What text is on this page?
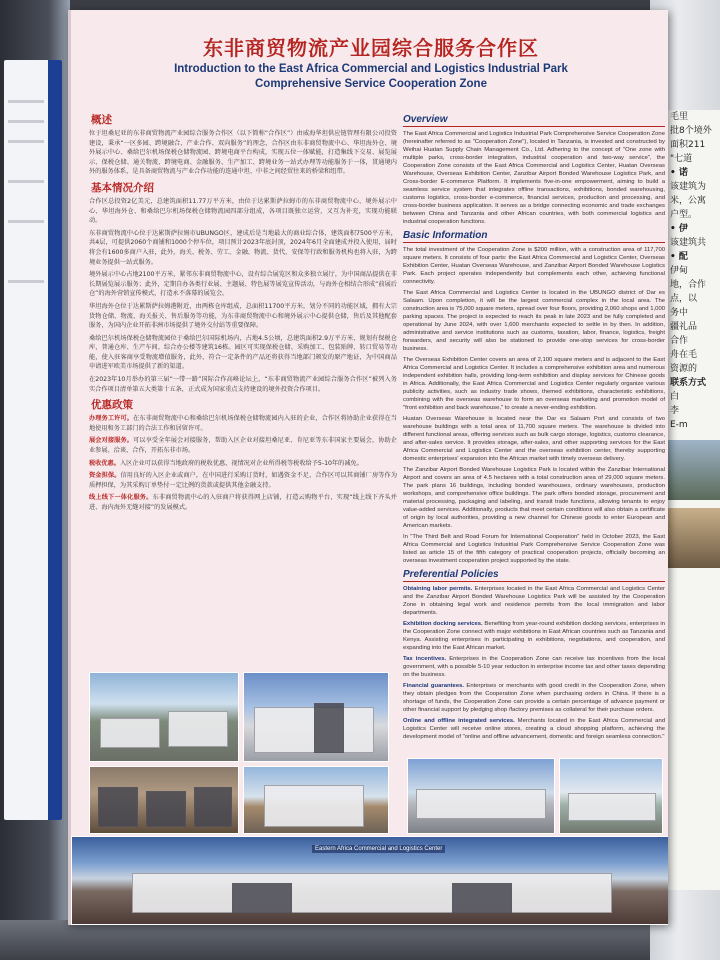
毛里
批8个境外
面积211
"七道
• 诺
该建筑为
米，公寓
户型。
• 伊
该建筑共
• 配
伊甸
地，合作
点，以
务中
疆礼品
合作
舟在毛
资源的
联系方式
白
李
E-m
东非商贸物流产业园综合服务合作区
Introduction to the East Africa Commercial and Logistics Industrial Park
Comprehensive Service Cooperation Zone
概述

位于坦桑尼亚的东非商贸物流产业园综合服务合作区（以下简称“合作区”）由威海华坦供应链管理有限公司投资建设，秉承“一区多园、跨境融合、产业合作、双向服务”的理念，合作区由东非商贸物流中心、华坦海外仓、境外展示中心、桑给巴尔机场保税仓储物流园、跨境电商平台构成，实现五位一体赋能，打造集线下交易、展览展示、保税仓储、通关物流、跨境电商、金融服务、生产加工、跨境业务一站式办理等功能服务于一体，贯通境内外的服务体系，是具备商贸物流与产业合作功能的连通中坦、中非之间经贸往来的桥梁和纽带。

基本情况介绍

合作区总投资2亿美元，总建筑面积11.77万平方米，由位于达累斯萨拉姆市的东非商贸物流中心、境外展示中心、华坦海外仓、和桑给巴尔机场保税仓储物流园四部分组成，各项目既独立运营，又互为补充，实现功能联动。

东非商贸物流中心位于达累斯萨拉姆市UBUNGO区，建成后是当地最大的商业综合体，建筑面积7500平方米，共4层，可提供2060个商铺和1000个停车位，项目预计2023年底封顶，2024年6月全面建成并投入使用，届时将会有1600多商户入驻，此外，海关、税务、劳工、金融、物流、货代、安保等行政和服务机构也将入驻，为跨境业务提供一站式服务。

境外展示中心占地2100平方米，紧邻东非商贸物流中心，设有综合展览区和众多独立展厅，为中国商品提供在非长期展览展示服务；此外，定期自办各类行业展、主题展、特色展等展览宣传活动，与海外仓相结合形成“前展后仓”的海外营销宣传模式，打造永不落幕的展览会。

华坦海外仓位于达累斯萨拉姆港附近，由两栋仓库组成，总面积11700平方米，划分不同的功能区域，拥有大宗货物仓储、物流、海关报关、售后服务等功能，为东非商贸物流中心和境外展示中心提供仓储，售后及其他配套服务，为国内企业开拓非洲市场提供了境外交付站等重要保障。

桑给巴尔机场保税仓储物流园位于桑给巴尔国际机场内，占地4.5公顷，总建筑面积2.9万平方米，规划有保税仓库、普通仓库、生产车间、综合办公楼等建筑16栋。园区可实现保税仓储、采购加工、包装贴牌、转口贸易等功能，使入驻客商享受物流增值服务，此外，符合一定条件的产品还将获得当地部门颁发的原产地证，为中国商品申请进军欧美市场提供了新的渠道。

在2023年10月举办的第三届“一带一路”国际合作高峰论坛上，“东非商贸物流产业园综合服务合作区”被列入务实合作项目清单第五大类第十五条，正式成为国家重点支持建设的境外投资合作项目。

优惠政策

办理务工许可。在东非商贸物流中心和桑给巴尔机场保税仓储物流园内入驻的企业，合作区将协助企业获得在当地使用和务工部门的合法工作和居留许可。

展会对接服务。可以享受全年展会对接服务，帮助入区企业对接坦桑尼亚、肯尼亚等东非国家主要展会，协助企业参展、洽谈、合作，开拓东非市场。

税收优惠。入区企业可以获得当地政府的税收优惠，视情况对企业所得税等税收给予5-10年的减免。

资金担保。信用良好的入区企业或商户，在中国进行采购订货时，如遇资金不足，合作区可以其商铺厂房等作为质押担保，为其采购订单垫付一定比例的货款或提供其他金融支持。

线上线下一体化服务。东非商贸物流中心的入驻商户将获得网上店铺，打造云购物平台，实现“线上线下齐头并进、海内海外无缝对接”的发展模式。

Overview

The East Africa Commercial and Logistics Industrial Park Comprehensive Service Cooperation Zone (hereinafter referred to as "Cooperation Zone"), located in Tanzania, is invested and constructed by Weihai Huatan Supply Chain Management Co., Ltd. Adhering to the concept of "One zone with multiple parks, cross-border integration, industrial cooperation and two-way service", the Cooperation Zone consists of the East Africa Commercial and Logistics Center, Huatan Overseas Warehouse, Overseas Exhibition Center, Zanzibar Airport Bonded Warehouse Logistics Park, and Cross-border E-commerce Platform. It implements five-in-one empowerment, aiming to build a seamless service system that integrates offline transactions, exhibitions, bonded warehousing, customs logistics, cross-border e-commerce, financial services, production and processing, and cross-border business application. It serves as a bridge connecting economic and trade exchanges between China and Tanzania and other African countries, with both commercial logistics and industrial cooperation functions.

Basic Information

The total investment of the Cooperation Zone is $200 million, with a construction area of 117,700 square meters. It consists of four parts: the East Africa Commercial and Logistics Center, Overseas Exhibition Center, Huatan Overseas Warehouse, and Zanzibar Airport Bonded Warehouse Logistics Park. Each project operates independently but complements each other, achieving functional connectivity.

The East Africa Commercial and Logistics Center is located in the UBUNGO district of Dar es Salaam. Upon completion, it will be the largest commercial complex in the local area. The construction area is 75,000 square meters, spread over four floors, providing 2,060 shops and 1,000 parking spaces. The project is expected to reach its peak in late 2023 and be fully completed and operational by June 2024, with over 1,600 merchants expected to settle in by then. In addition, administrative and service institutions such as customs, taxation, labor, finance, logistics, freight forwarders, and security will also be stationed to provide one-stop services for cross-border business.

The Overseas Exhibition Center covers an area of 2,100 square meters and is adjacent to the East Africa Commercial and Logistics Center. It includes a comprehensive exhibition area and numerous independent exhibition halls, providing long-term exhibition and display services for Chinese goods in Africa. Additionally, the East Africa Commercial and Logistics Center regularly organize various publicity activities, such as industry trade shows, themed exhibitions, characteristic exhibitions, combining with the overseas warehouse to form an overseas marketing and promotion model of "front exhibition and back warehouse," to create a never-ending exhibition.

Huatan Overseas Warehouse is located near the Dar es Salaam Port and consists of two warehouse buildings with a total area of 11,700 square meters. The warehouse is divided into different functional areas, offering services such as bulk cargo storage, logistics, customs clearance, and after-sales service. It provides storage, after-sales, and other supporting services for the East Africa Commercial and Logistics Center and the overseas exhibition center, thereby supporting domestic enterprises' expansion into the African market with timely overseas delivery.

The Zanzibar Airport Bonded Warehouse Logistics Park is located within the Zanzibar International Airport and covers an area of 4.5 hectares with a total construction area of 29,000 square meters. The park plans 16 buildings, including bonded warehouses, ordinary warehouses, production workshops, and comprehensive office buildings. The park offers bonded storage, procurement and material processing, packaging and labeling, and transit trade functions, allowing tenants to enjoy value-added services. Additionally, products that meet certain conditions will also obtain a certificate of origin by local authorities, providing a new channel for Chinese goods to enter European and American markets.

In "The Third Belt and Road Forum for International Cooperation" held in October 2023, the East Africa Commercial and Logistics Industrial Park Comprehensive Service Cooperation Zone was listed as article 15 of the fifth category of practical cooperation projects, officially becoming an overseas investment cooperation project supported by the state.

Preferential Policies

Obtaining labor permits. Enterprises located in the East Africa Commercial and Logistics Center and the Zanzibar Airport Bonded Warehouse Logistics Park will be assisted by the Cooperation Zone in obtaining legal work and residence permits from the local immigration and labor departments.

Exhibition docking services. Benefiting from year-round exhibition docking services, enterprises in the Cooperation Zone connect with major exhibitions in East African countries such as Tanzania and Kenya. Assisting enterprises in participating in exhibitions, negotiations, and cooperation, and expanding into the East African market.

Tax incentives. Enterprises in the Cooperation Zone can receive tax incentives from the local government, with a possible 5-10 year reduction in enterprise income tax and other taxes depending on the business.

Financial guarantees. Enterprises or merchants with good credit in the Cooperation Zone, when they obtain pledges from the Cooperation Zone when purchasing orders in China. If there is a shortage of funds, the Cooperation Zone can provide a certain percentage of advance payment or other financial support by pledging shop /factory premises as collateral for their purchase orders.

Online and offline integrated services. Merchants located in the East Africa Commercial and Logistics Center will receive online stores, creating a cloud shopping platform, achieving the development model of "online and offline advancement, domestic and foreign seamless connection."

Eastern Africa Commercial and Logistics Center
